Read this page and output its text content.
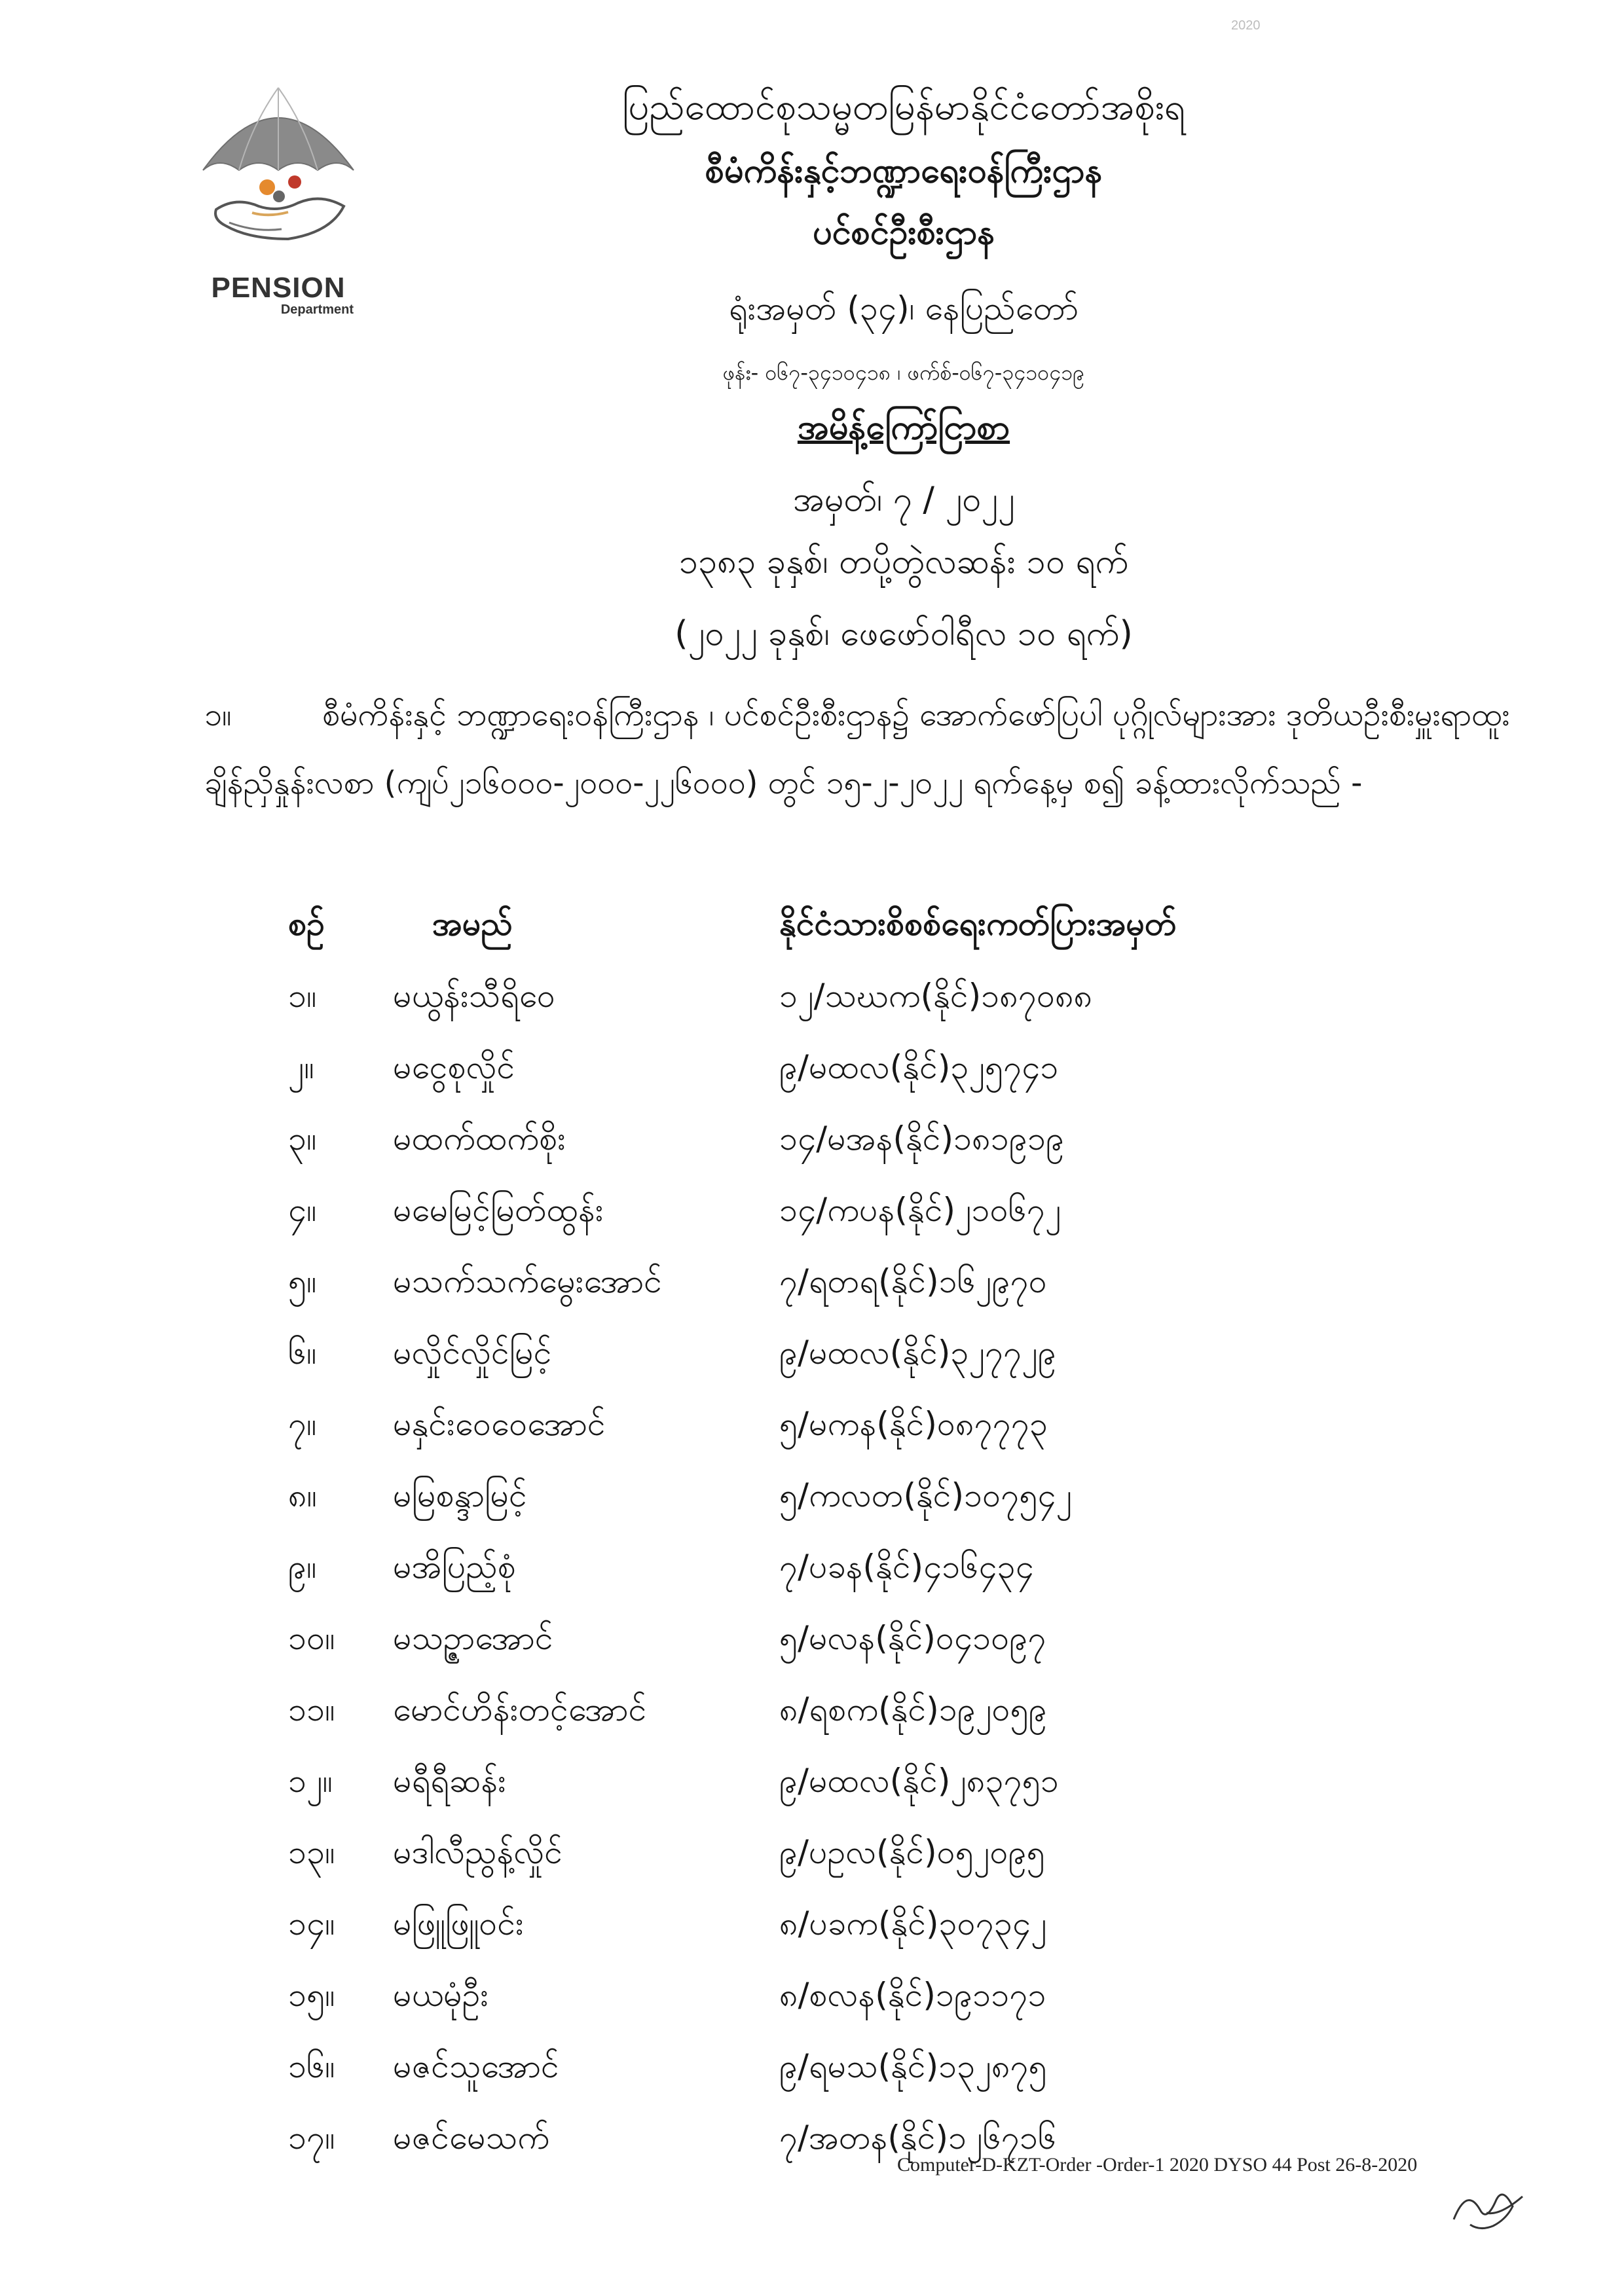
2020
PENSION
Department
ပြည်ထောင်စုသမ္မတမြန်မာနိုင်ငံတော်အစိုးရ
စီမံကိန်းနှင့်ဘဏ္ဍာရေးဝန်ကြီးဌာန
ပင်စင်ဦးစီးဌာန
ရုံးအမှတ် (၃၄)၊ နေပြည်တော်
ဖုန်း- ၀၆၇-၃၄၁၀၄၁၈ ၊ ဖက်စ်-၀၆၇-၃၄၁၀၄၁၉
အမိန့်ကြော်ငြာစာ
အမှတ်၊ ၇ / ၂၀၂၂
၁၃၈၃ ခုနှစ်၊ တပို့တွဲလဆန်း ၁၀ ရက်
(၂၀၂၂ ခုနှစ်၊ ဖေဖော်ဝါရီလ ၁၀ ရက်)
၁။	စီမံကိန်းနှင့် ဘဏ္ဍာရေးဝန်ကြီးဌာန ၊ ပင်စင်ဦးစီးဌာန၌ အောက်ဖော်ပြပါ ပုဂ္ဂိုလ်များအား ဒုတိယဦးစီးမှူးရာထူး ချိန်ညှိနှုန်းလစာ (ကျပ်၂၁၆၀၀၀-၂၀၀၀-၂၂၆၀၀၀) တွင် ၁၅-၂-၂၀၂၂ ရက်နေ့မှ စ၍ ခန့်ထားလိုက်သည် -
စဉ်	အမည်	နိုင်ငံသားစိစစ်ရေးကတ်ပြားအမှတ်
၁။ မယွန်းသီရိဝေ	၁၂/သဃက(နိုင်)၁၈၇၀၈၈
၂။ မငွေစုလှိုင်	၉/မထလ(နိုင်)၃၂၅၇၄၁
၃။ မထက်ထက်စိုး	၁၄/မအန(နိုင်)၁၈၁၉၁၉
၄။ မမေမြင့်မြတ်ထွန်း	၁၄/ကပန(နိုင်)၂၁၀၆၇၂
၅။ မသက်သက်မွေးအောင်	၇/ရတရ(နိုင်)၁၆၂၉၇၀
၆။ မလှိုင်လှိုင်မြင့်	၉/မထလ(နိုင်)၃၂၇၇၂၉
၇။ မနှင်းဝေဝေအောင်	၅/မကန(နိုင်)၀၈၇၇၇၃
၈။ မမြစန္ဒာမြင့်	၅/ကလတ(နိုင်)၁၀၇၅၄၂
၉။ မအိပြည့်စုံ	၇/ပခန(နိုင်)၄၁၆၄၃၄
၁၀။ မသဥ္ဇာအောင်	၅/မလန(နိုင်)၀၄၁၀၉၇
၁၁။ မောင်ဟိန်းတင့်အောင်	၈/ရစက(နိုင်)၁၉၂၀၅၉
၁၂။ မရီရီဆန်း	၉/မထလ(နိုင်)၂၈၃၇၅၁
၁၃။ မဒါလီညွန့်လှိုင်	၉/ပဥလ(နိုင်)၀၅၂၀၉၅
၁၄။ မဖြူဖြူဝင်း	၈/ပခက(နိုင်)၃၀၇၃၄၂
၁၅။ မယမုံဦး	၈/စလန(နိုင်)၁၉၁၁၇၁
၁၆။ မဇင်သူအောင်	၉/ရမသ(နိုင်)၁၃၂၈၇၅
၁၇။ မဇင်မေသက်	၇/အတန(နိုင်)၁၂၆၇၁၆
Computer-D-KZT-Order -Order-1 2020 DYSO 44 Post 26-8-2020
